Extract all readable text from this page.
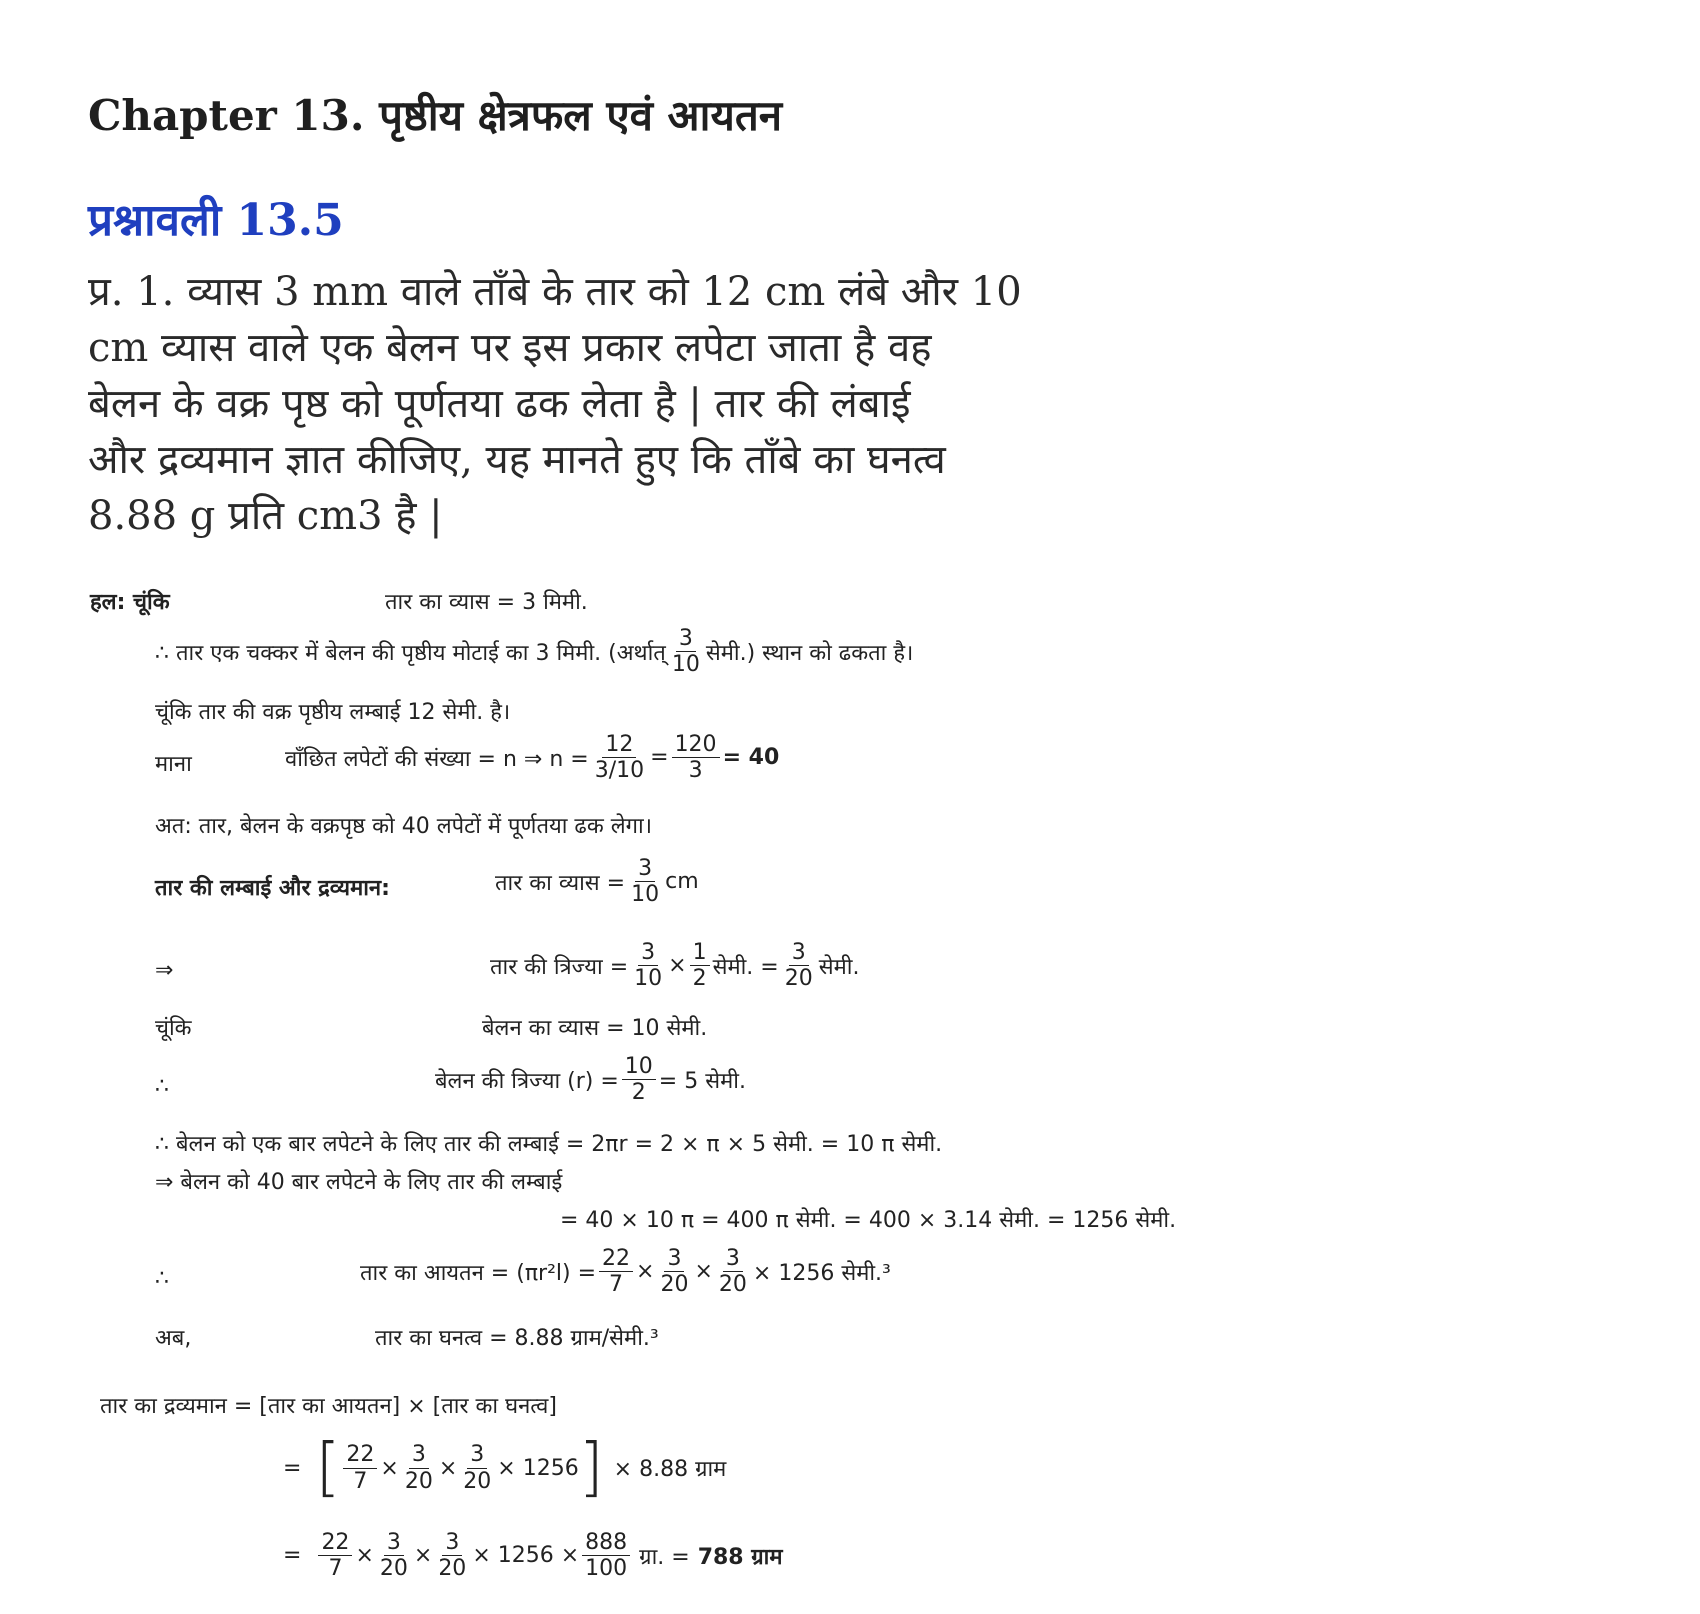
Chapter 13. पृष्ठीय क्षेत्रफल एवं आयतन
प्रश्नावली 13.5
प्र. 1. व्यास 3 mm वाले ताँबे के तार को 12 cm लंबे और 10
cm व्यास वाले एक बेलन पर इस प्रकार लपेटा जाता है वह
बेलन के वक्र पृष्ठ को पूर्णतया ढक लेता है | तार की लंबाई
और द्रव्यमान ज्ञात कीजिए, यह मानते हुए कि ताँबे का घनत्व
8.88 g प्रति cm3 है |
हल: चूंकि	तार का व्यास = 3 मिमी.
∴ तार एक चक्कर में बेलन की पृष्ठीय मोटाई का 3 मिमी. (अर्थात् $\frac{3}{10}$ सेमी.) स्थान को ढकता है।
चूंकि तार की वक्र पृष्ठीय लम्बाई 12 सेमी. है।
माना	वाँछित लपेटों की संख्या = n ⇒ $n = \frac{12}{3/10} = \frac{120}{3} = 40$
अत: तार, बेलन के वक्रपृष्ठ को 40 लपेटों में पूर्णतया ढक लेगा।
तार की लम्बाई और द्रव्यमान:	तार का व्यास = $\frac{3}{10}$ cm
⇒	तार की त्रिज्या = $\frac{3}{10} \times \frac{1}{2}$ सेमी. = $\frac{3}{20}$ सेमी.
चूंकि	बेलन का व्यास = 10 सेमी.
∴	बेलन की त्रिज्या $(r) = \frac{10}{2} = 5$ सेमी.
∴ बेलन को एक बार लपेटने के लिए तार की लम्बाई = 2πr = 2 × π × 5 सेमी. = 10 π सेमी.
⇒ बेलन को 40 बार लपेटने के लिए तार की लम्बाई
= 40 × 10 π = 400 π सेमी. = 400 × 3.14 सेमी. = 1256 सेमी.
∴	तार का आयतन = $(\pi r^2l) = \frac{22}{7} \times \frac{3}{20} \times \frac{3}{20} \times 1256$ सेमी.³
अब,	तार का घनत्व = 8.88 ग्राम/सेमी.³
तार का द्रव्यमान = [तार का आयतन] × [तार का घनत्व]
= [ $\frac{22}{7} \times \frac{3}{20} \times \frac{3}{20} \times 1256$ ] × 8.88 ग्राम
= $\frac{22}{7} \times \frac{3}{20} \times \frac{3}{20} \times 1256 \times \frac{888}{100}$ ग्रा. = 788 ग्राम
